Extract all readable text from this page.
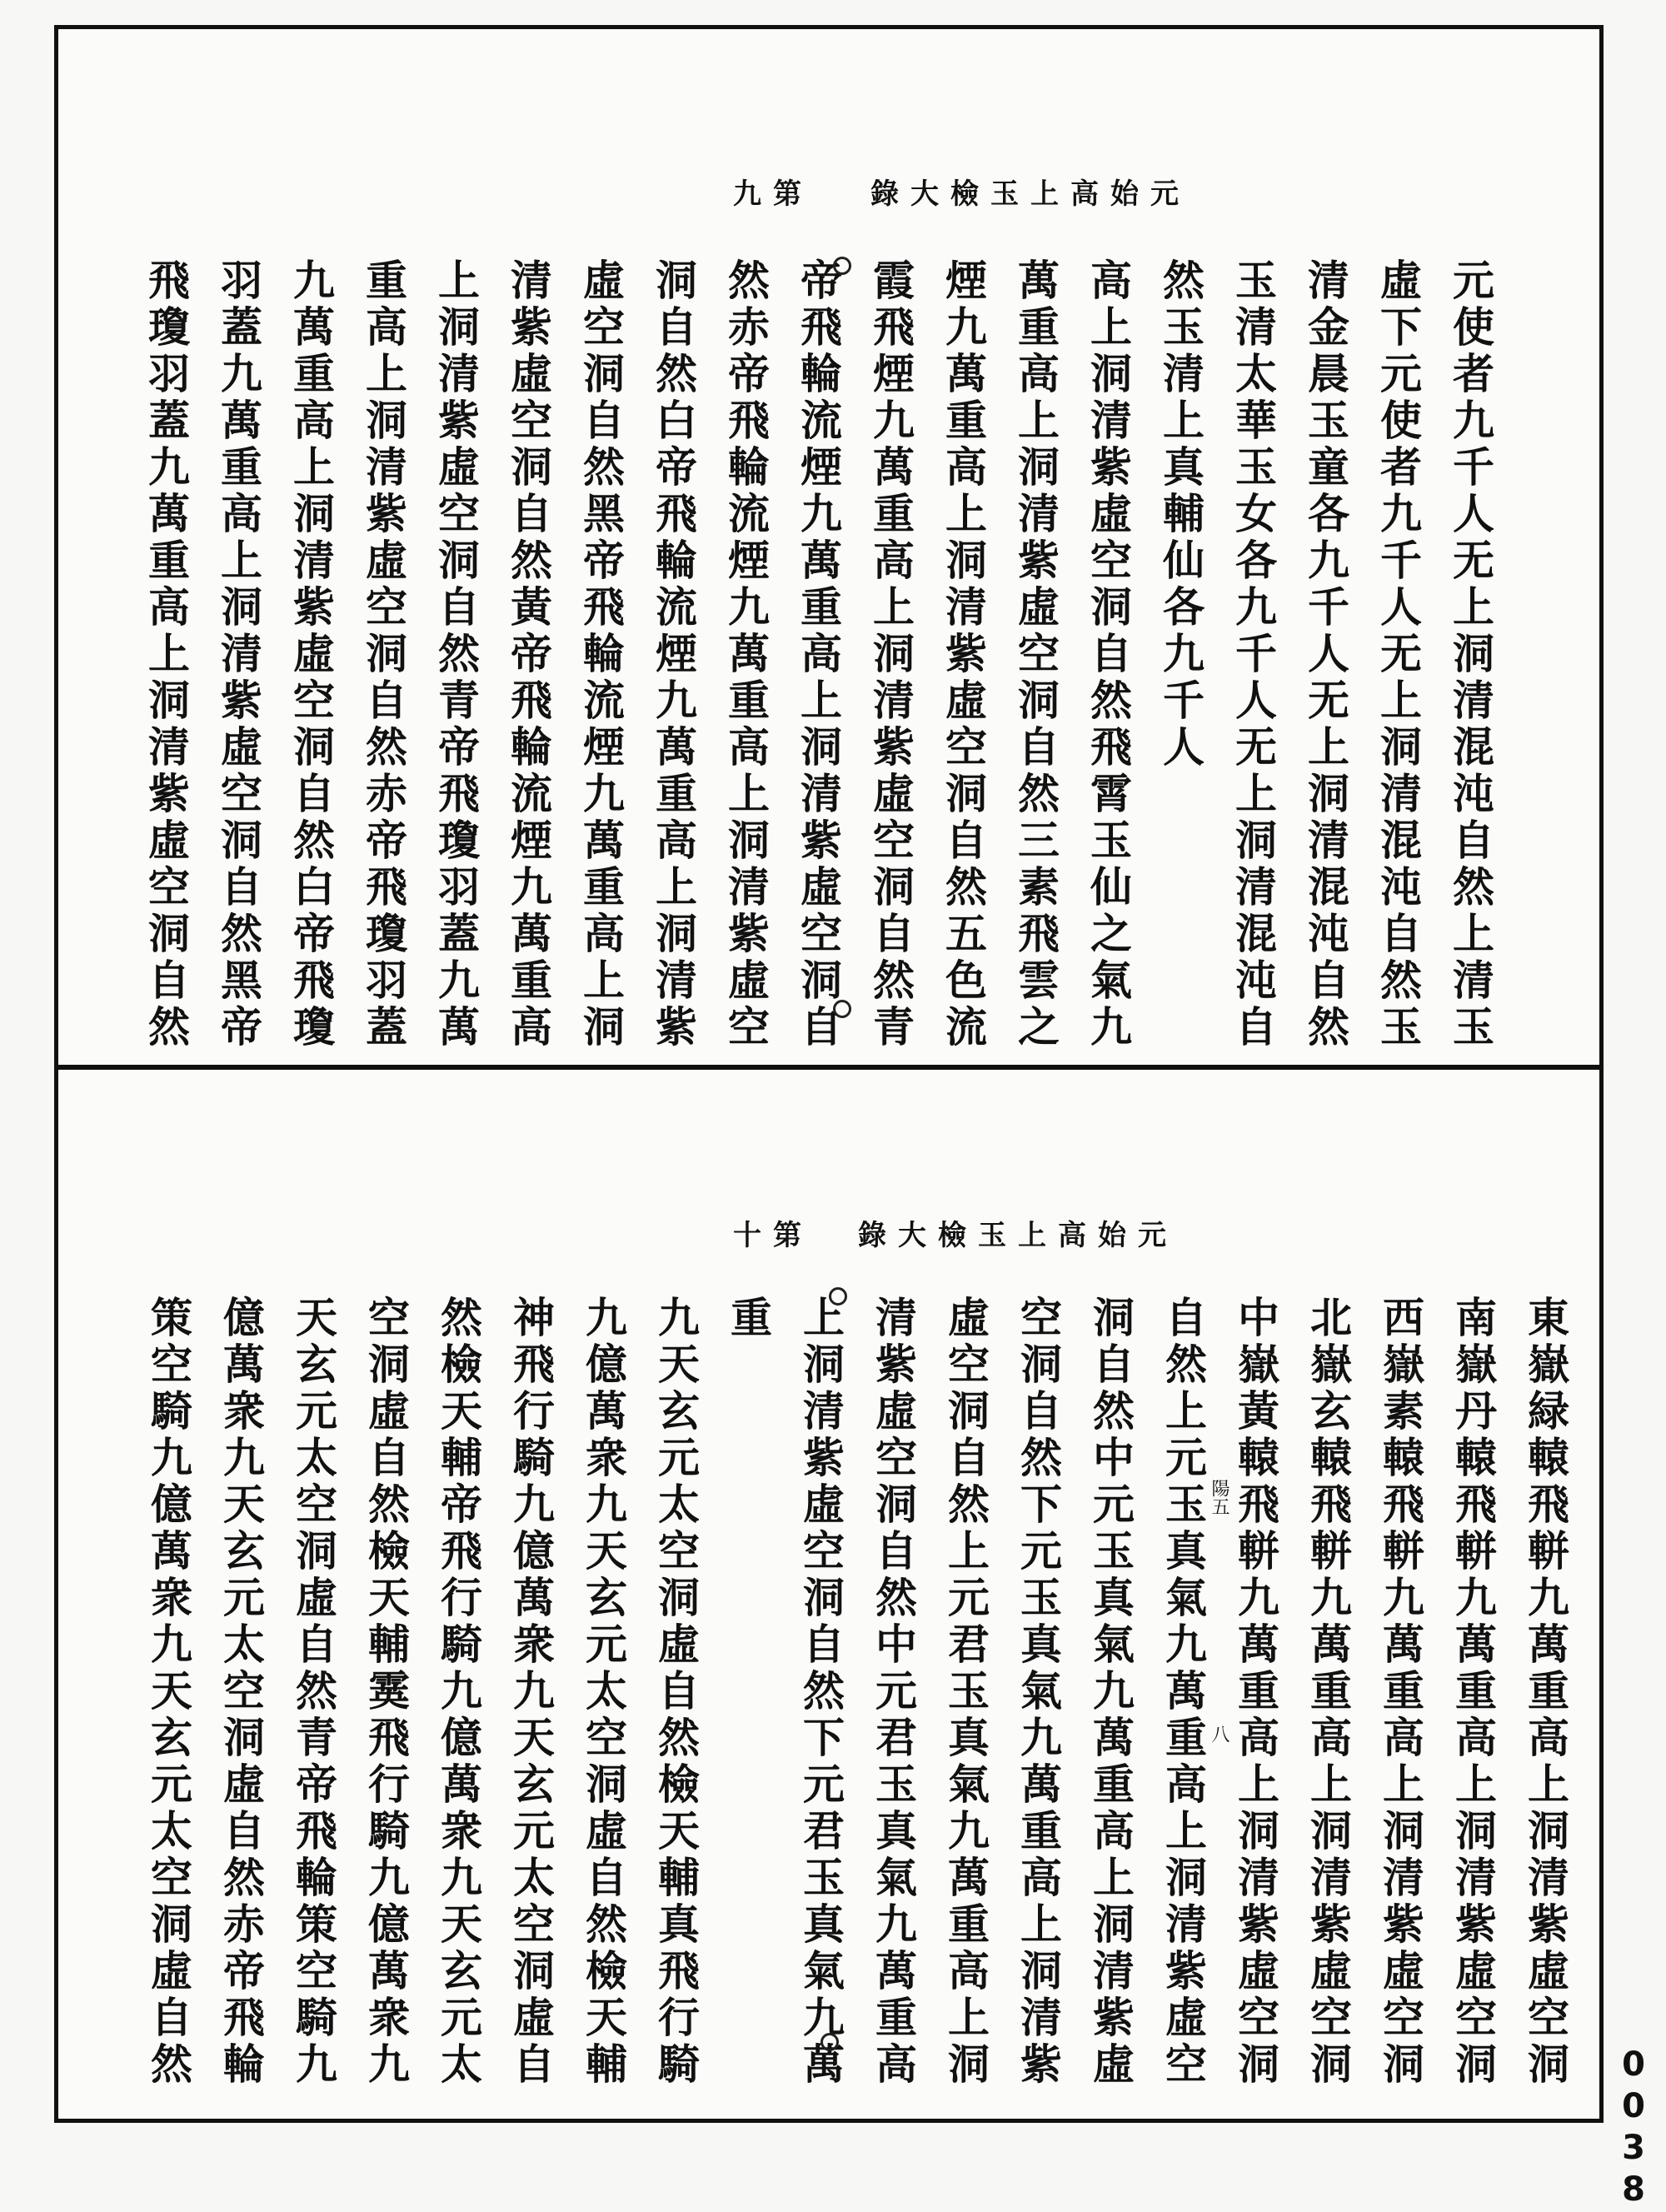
第九 元始高上玉檢大錄
元使者九千人无上洞清混沌自然上清玉
虛下元使者九千人无上洞清混沌自然玉
清金晨玉童各九千人无上洞清混沌自然
玉清太華玉女各九千人无上洞清混沌自
然玉清上真輔仙各九千人
高上洞清紫虛空洞自然飛霄玉仙之氣九
萬重高上洞清紫虛空洞自然三素飛雲之
煙九萬重高上洞清紫虛空洞自然五色流
霞飛煙九萬重高上洞清紫虛空洞自然青
帝飛輪流煙九萬重高上洞清紫虛空洞自
然赤帝飛輪流煙九萬重高上洞清紫虛空
洞自然白帝飛輪流煙九萬重高上洞清紫
虛空洞自然黑帝飛輪流煙九萬重高上洞
清紫虛空洞自然黃帝飛輪流煙九萬重高
上洞清紫虛空洞自然青帝飛瓊羽蓋九萬
重高上洞清紫虛空洞自然赤帝飛瓊羽蓋
九萬重高上洞清紫虛空洞自然白帝飛瓊
羽蓋九萬重高上洞清紫虛空洞自然黑帝
飛瓊羽蓋九萬重高上洞清紫虛空洞自然
第十 元始高上玉檢大錄
東嶽緑轅飛軿九萬重高上洞清紫虛空洞
南嶽丹轅飛軿九萬重高上洞清紫虛空洞
西嶽素轅飛軿九萬重高上洞清紫虛空洞
北嶽玄轅飛軿九萬重高上洞清紫虛空洞
中嶽黃轅飛軿九萬重高上洞清紫虛空洞
自然上元玉真氣九萬重高上洞清紫虛空
洞自然中元玉真氣九萬重高上洞清紫虛
空洞自然下元玉真氣九萬重高上洞清紫
虛空洞自然上元君玉真氣九萬重高上洞
清紫虛空洞自然中元君玉真氣九萬重高
上洞清紫虛空洞自然下元君玉真氣九萬
重
九天玄元太空洞虛自然檢天輔真飛行騎
九億萬衆九天玄元太空洞虛自然檢天輔
神飛行騎九億萬衆九天玄元太空洞虛自
然檢天輔帝飛行騎九億萬衆九天玄元太
空洞虛自然檢天輔霙飛行騎九億萬衆九
天玄元太空洞虛自然青帝飛輪策空騎九
億萬衆九天玄元太空洞虛自然赤帝飛輪
策空騎九億萬衆九天玄元太空洞虛自然	陽五
八
0038
